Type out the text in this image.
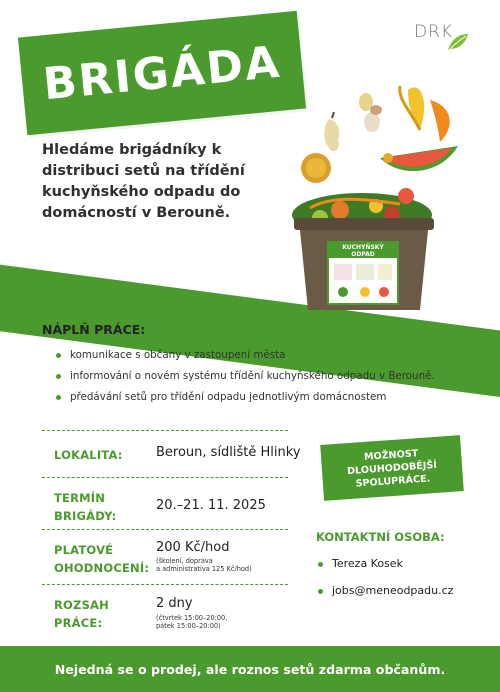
DRK
BRIGÁDA
Hledáme brigádníky k distribuci setů na třídění kuchyňského odpadu do domácností v Berouně.
KUCHYŇSKÝ
ODPAD
NÁPLŇ PRÁCE:
komunikace s občany v zastoupení města
informování o novém systému třídění kuchyňského odpadu v Berouně.
předávání setů pro třídění odpadu jednotlivým domácnostem
LOKALITA:	Beroun, sídliště Hlinky
TERMÍN
BRIGÁDY:
20.–21. 11. 2025
PLATOVÉ
OHODNOCENÍ:
200 Kč/hod
(školení, doprava
a administrativa 125 Kč/hod)
ROZSAH
PRÁCE:
2 dny
(čtvrtek 15:00–20:00,
pátek 15:00–20:00)
MOŽNOST
DLOUHODOBĚJŠÍ
SPOLUPRÁCE.
KONTAKTNÍ OSOBA:
Tereza Kosek
jobs@meneodpadu.cz
Nejedná se o prodej, ale roznos setů zdarma občanům.
